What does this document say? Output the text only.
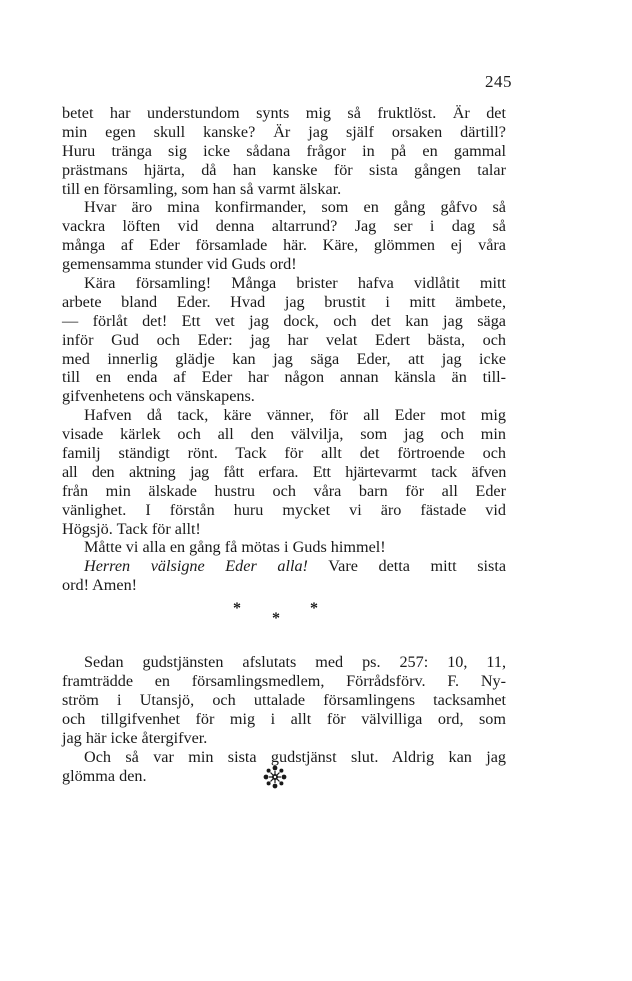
245
betet har understundom synts mig så fruktlöst. Är det
min egen skull kanske? Är jag själf orsaken därtill?
Huru tränga sig icke sådana frågor in på en gammal
prästmans hjärta, då han kanske för sista gången talar
till en församling, som han så varmt älskar.
Hvar äro mina konfirmander, som en gång gåfvo så
vackra löften vid denna altarrund? Jag ser i dag så
många af Eder församlade här. Käre, glömmen ej våra
gemensamma stunder vid Guds ord!
Kära församling! Många brister hafva vidlåtit mitt
arbete bland Eder. Hvad jag brustit i mitt ämbete,
— förlåt det! Ett vet jag dock, och det kan jag säga
inför Gud och Eder: jag har velat Edert bästa, och
med innerlig glädje kan jag säga Eder, att jag icke
till en enda af Eder har någon annan känsla än till-
gifvenhetens och vänskapens.
Hafven då tack, käre vänner, för all Eder mot mig
visade kärlek och all den välvilja, som jag och min
familj ständigt rönt. Tack för allt det förtroende och
all den aktning jag fått erfara. Ett hjärtevarmt tack äfven
från min älskade hustru och våra barn för all Eder
vänlighet. I förstån huru mycket vi äro fästade vid
Högsjö. Tack för allt!
Måtte vi alla en gång få mötas i Guds himmel!
Herren välsigne Eder alla! Vare detta mitt sista
ord! Amen!
*	*
*
Sedan gudstjänsten afslutats med ps. 257: 10, 11,
framträdde en församlingsmedlem, Förrådsförv. F. Ny-
ström i Utansjö, och uttalade församlingens tacksamhet
och tillgifvenhet för mig i allt för välvilliga ord, som
jag här icke återgifver.
Och så var min sista gudstjänst slut. Aldrig kan jag
glömma den.
